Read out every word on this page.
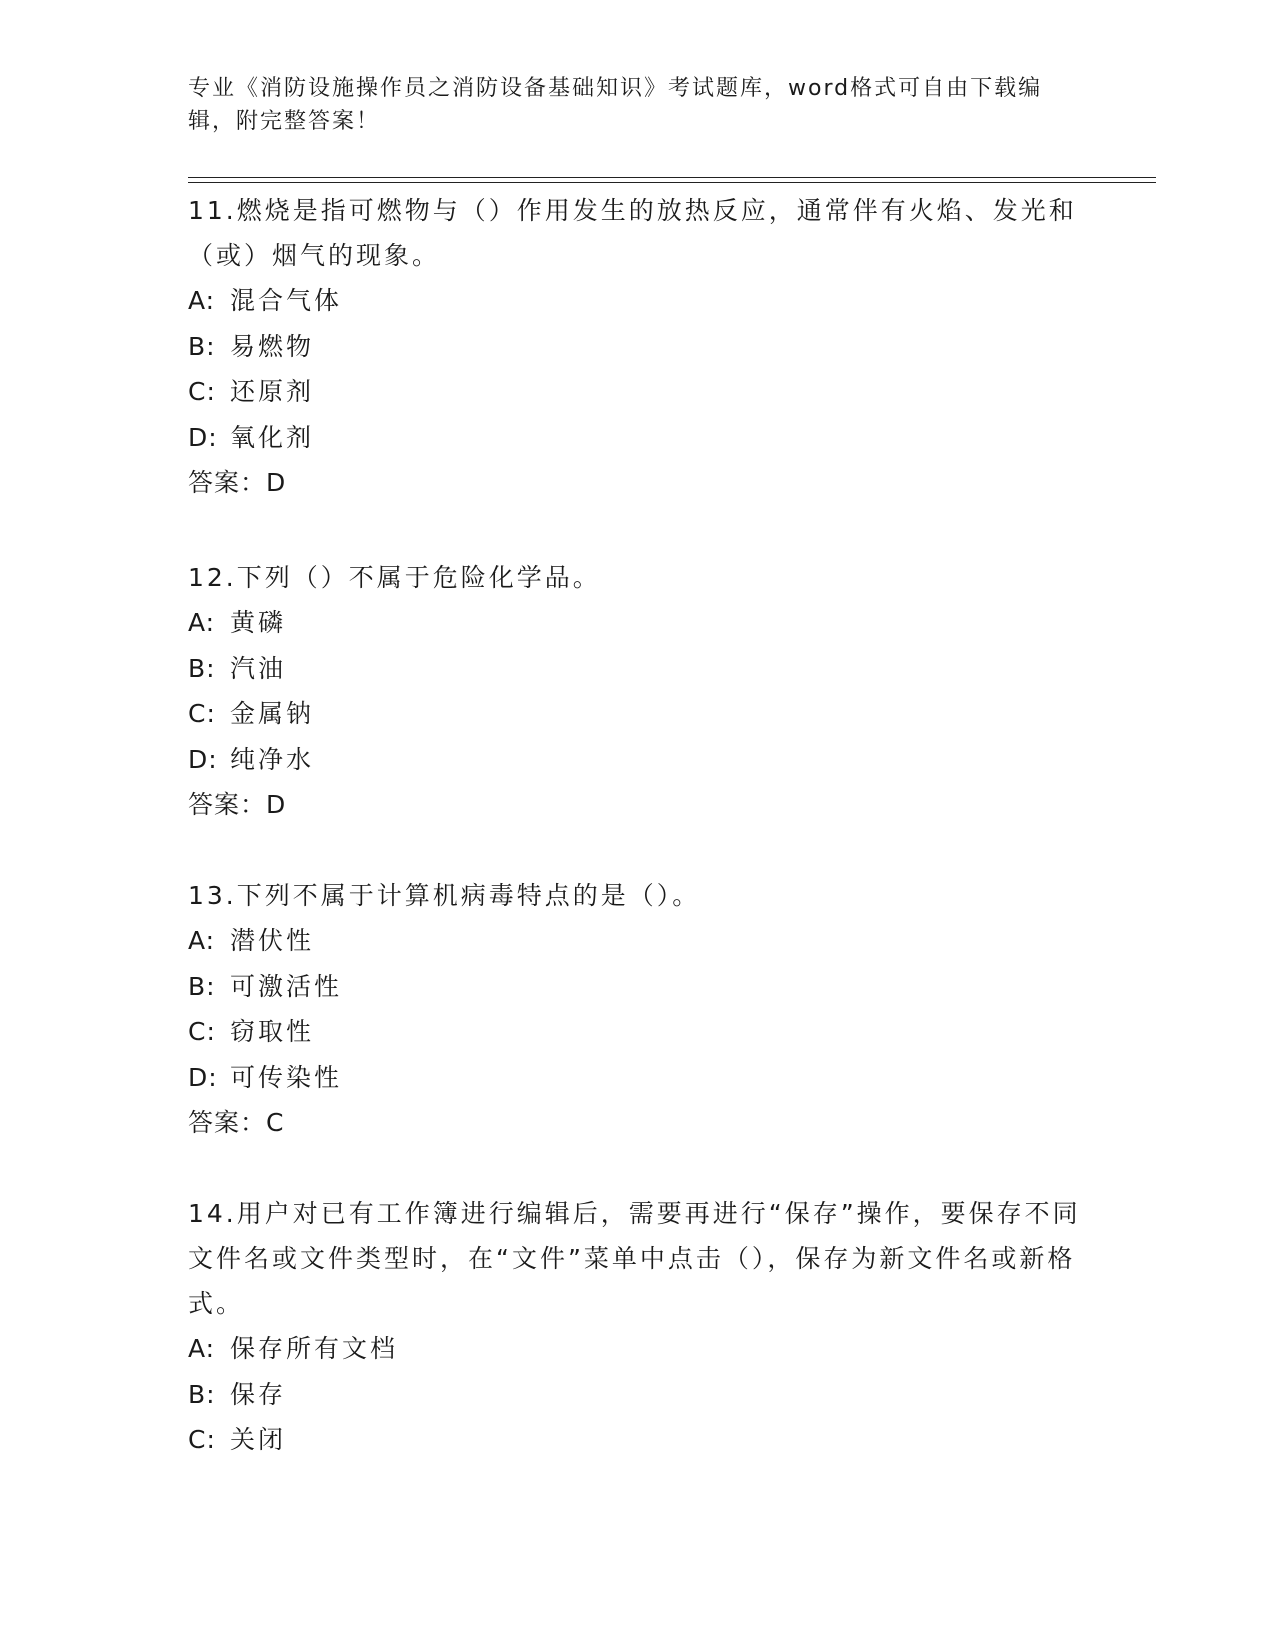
专业《消防设施操作员之消防设备基础知识》考试题库，word格式可自由下载编辑，附完整答案！

11.燃烧是指可燃物与（）作用发生的放热反应，通常伴有火焰、发光和（或）烟气的现象。

A: 混合气体

B: 易燃物

C: 还原剂

D: 氧化剂

答案：D

12.下列（）不属于危险化学品。

A: 黄磷

B: 汽油

C: 金属钠

D: 纯净水

答案：D

13.下列不属于计算机病毒特点的是（）。

A: 潜伏性

B: 可激活性

C: 窃取性

D: 可传染性

答案：C

14.用户对已有工作簿进行编辑后，需要再进行“保存”操作，要保存不同文件名或文件类型时，在“文件”菜单中点击（），保存为新文件名或新格式。

A: 保存所有文档

B: 保存

C: 关闭
